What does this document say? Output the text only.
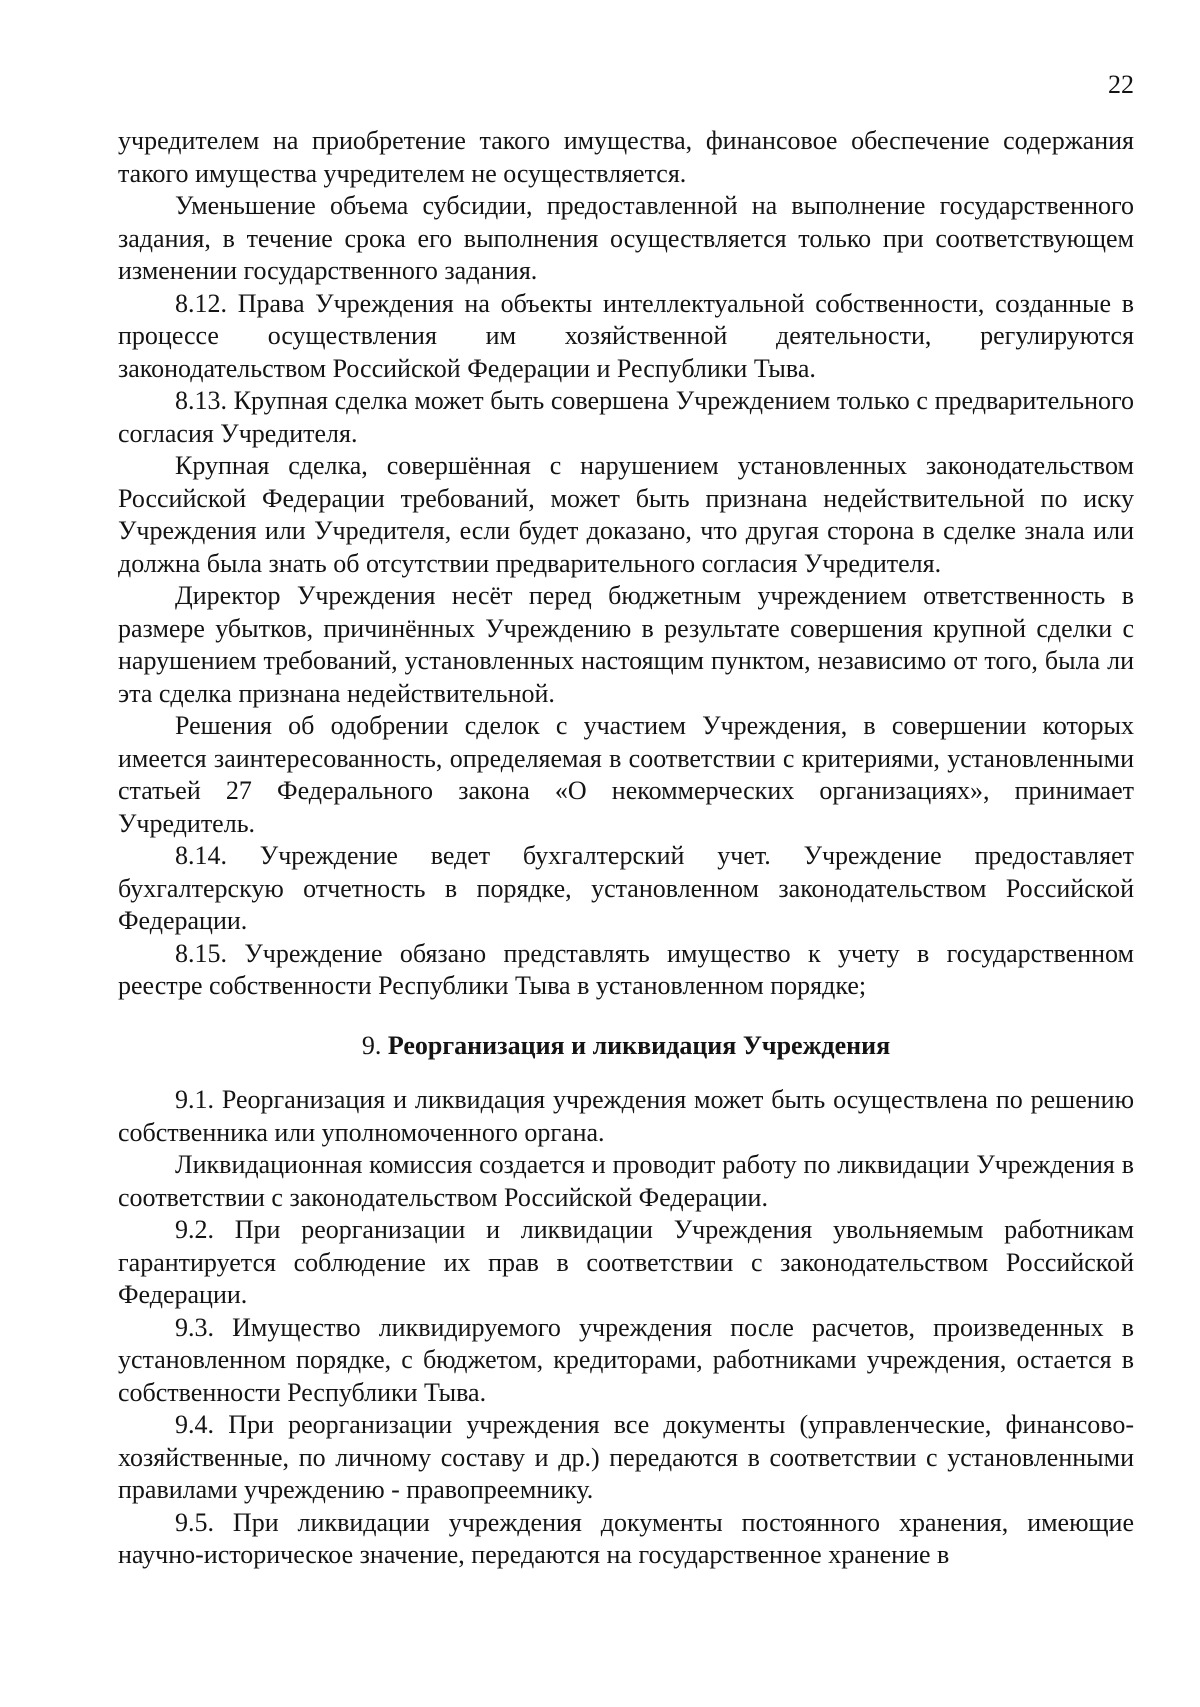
22

учредителем на приобретение такого имущества, финансовое обеспечение содержания такого имущества учредителем не осуществляется.

Уменьшение объема субсидии, предоставленной на выполнение государственного задания, в течение срока его выполнения осуществляется только при соответствующем изменении государственного задания.

8.12. Права Учреждения на объекты интеллектуальной собственности, созданные в процессе осуществления им хозяйственной деятельности, регулируются законодательством Российской Федерации и Республики Тыва.

8.13. Крупная сделка может быть совершена Учреждением только с предварительного согласия Учредителя.

Крупная сделка, совершённая с нарушением установленных законодательством Российской Федерации требований, может быть признана недействительной по иску Учреждения или Учредителя, если будет доказано, что другая сторона в сделке знала или должна была знать об отсутствии предварительного согласия Учредителя.

Директор Учреждения несёт перед бюджетным учреждением ответственность в размере убытков, причинённых Учреждению в результате совершения крупной сделки с нарушением требований, установленных настоящим пунктом, независимо от того, была ли эта сделка признана недействительной.

Решения об одобрении сделок с участием Учреждения, в совершении которых имеется заинтересованность, определяемая в соответствии с критериями, установленными статьей 27 Федерального закона «О некоммерческих организациях», принимает Учредитель.

8.14. Учреждение ведет бухгалтерский учет. Учреждение предоставляет бухгалтерскую отчетность в порядке, установленном законодательством Российской Федерации.

8.15. Учреждение обязано представлять имущество к учету в государственном реестре собственности Республики Тыва в установленном порядке;

9. Реорганизация и ликвидация Учреждения

9.1. Реорганизация и ликвидация учреждения может быть осуществлена по решению собственника или уполномоченного органа.

Ликвидационная комиссия создается и проводит работу по ликвидации Учреждения в соответствии с законодательством Российской Федерации.

9.2. При реорганизации и ликвидации Учреждения увольняемым работникам гарантируется соблюдение их прав в соответствии с законодательством Российской Федерации.

9.3. Имущество ликвидируемого учреждения после расчетов, произведенных в установленном порядке, с бюджетом, кредиторами, работниками учреждения, остается в собственности Республики Тыва.

9.4. При реорганизации учреждения все документы (управленческие, финансово-хозяйственные, по личному составу и др.) передаются в соответствии с установленными правилами учреждению - правопреемнику.

9.5. При ликвидации учреждения документы постоянного хранения, имеющие научно-историческое значение, передаются на государственное хранение в
